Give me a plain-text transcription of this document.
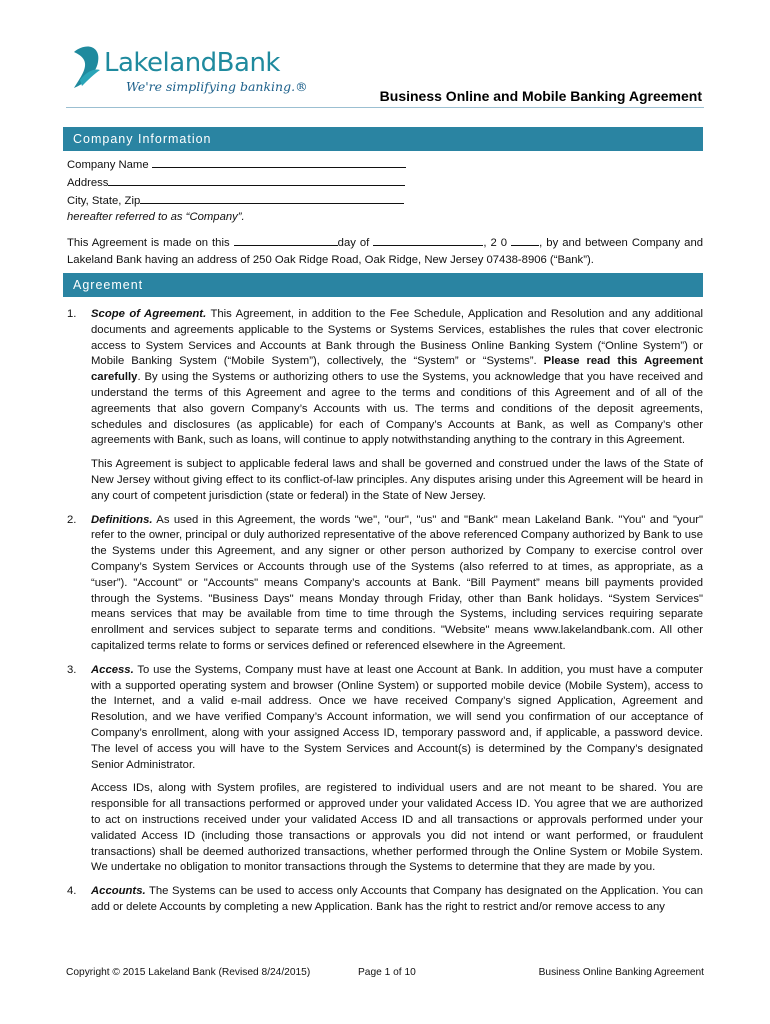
LakelandBank
We're simplifying banking.®
Business Online and Mobile Banking Agreement
Company Information
Company Name
Address
City, State, Zip
hereafter referred to as “Company”.
This Agreement is made on this	day of	, 2 0	, by and between Company and Lakeland Bank having an address of 250 Oak Ridge Road, Oak Ridge, New Jersey 07438-8906 (“Bank”).
Agreement
1. Scope of Agreement. This Agreement, in addition to the Fee Schedule, Application and Resolution and any additional documents and agreements applicable to the Systems or Systems Services, establishes the rules that cover electronic access to System Services and Accounts at Bank through the Business Online Banking System (“Online System”) or Mobile Banking System (“Mobile System”), collectively, the “System” or “Systems”. Please read this Agreement carefully. By using the Systems or authorizing others to use the Systems, you acknowledge that you have received and understand the terms of this Agreement and agree to the terms and conditions of this Agreement and of all of the agreements that also govern Company’s Accounts with us. The terms and conditions of the deposit agreements, schedules and disclosures (as applicable) for each of Company’s Accounts at Bank, as well as Company’s other agreements with Bank, such as loans, will continue to apply notwithstanding anything to the contrary in this Agreement.
This Agreement is subject to applicable federal laws and shall be governed and construed under the laws of the State of New Jersey without giving effect to its conflict-of-law principles. Any disputes arising under this Agreement will be heard in any court of competent jurisdiction (state or federal) in the State of New Jersey.
2. Definitions. As used in this Agreement, the words "we", "our", "us" and "Bank" mean Lakeland Bank. "You" and "your" refer to the owner, principal or duly authorized representative of the above referenced Company authorized by Bank to use the Systems under this Agreement, and any signer or other person authorized by Company to exercise control over Company’s System Services or Accounts through use of the Systems (also referred to at times, as appropriate, as a “user”). "Account" or "Accounts" means Company’s accounts at Bank. “Bill Payment” means bill payments provided through the Systems. "Business Days" means Monday through Friday, other than Bank holidays. “System Services" means services that may be available from time to time through the Systems, including services requiring separate enrollment and services subject to separate terms and conditions. "Website" means www.lakelandbank.com. All other capitalized terms relate to forms or services defined or referenced elsewhere in the Agreement.
3. Access. To use the Systems, Company must have at least one Account at Bank. In addition, you must have a computer with a supported operating system and browser (Online System) or supported mobile device (Mobile System), access to the Internet, and a valid e-mail address. Once we have received Company’s signed Application, Agreement and Resolution, and we have verified Company’s Account information, we will send you confirmation of our acceptance of Company’s enrollment, along with your assigned Access ID, temporary password and, if applicable, a password device. The level of access you will have to the System Services and Account(s) is determined by the Company’s designated Senior Administrator.
Access IDs, along with System profiles, are registered to individual users and are not meant to be shared. You are responsible for all transactions performed or approved under your validated Access ID. You agree that we are authorized to act on instructions received under your validated Access ID and all transactions or approvals performed under your validated Access ID (including those transactions or approvals you did not intend or want performed, or fraudulent transactions) shall be deemed authorized transactions, whether performed through the Online System or Mobile System. We undertake no obligation to monitor transactions through the Systems to determine that they are made by you.
4. Accounts. The Systems can be used to access only Accounts that Company has designated on the Application. You can add or delete Accounts by completing a new Application. Bank has the right to restrict and/or remove access to any
Copyright © 2015 Lakeland Bank (Revised 8/24/2015)	Page 1 of 10	Business Online Banking Agreement
